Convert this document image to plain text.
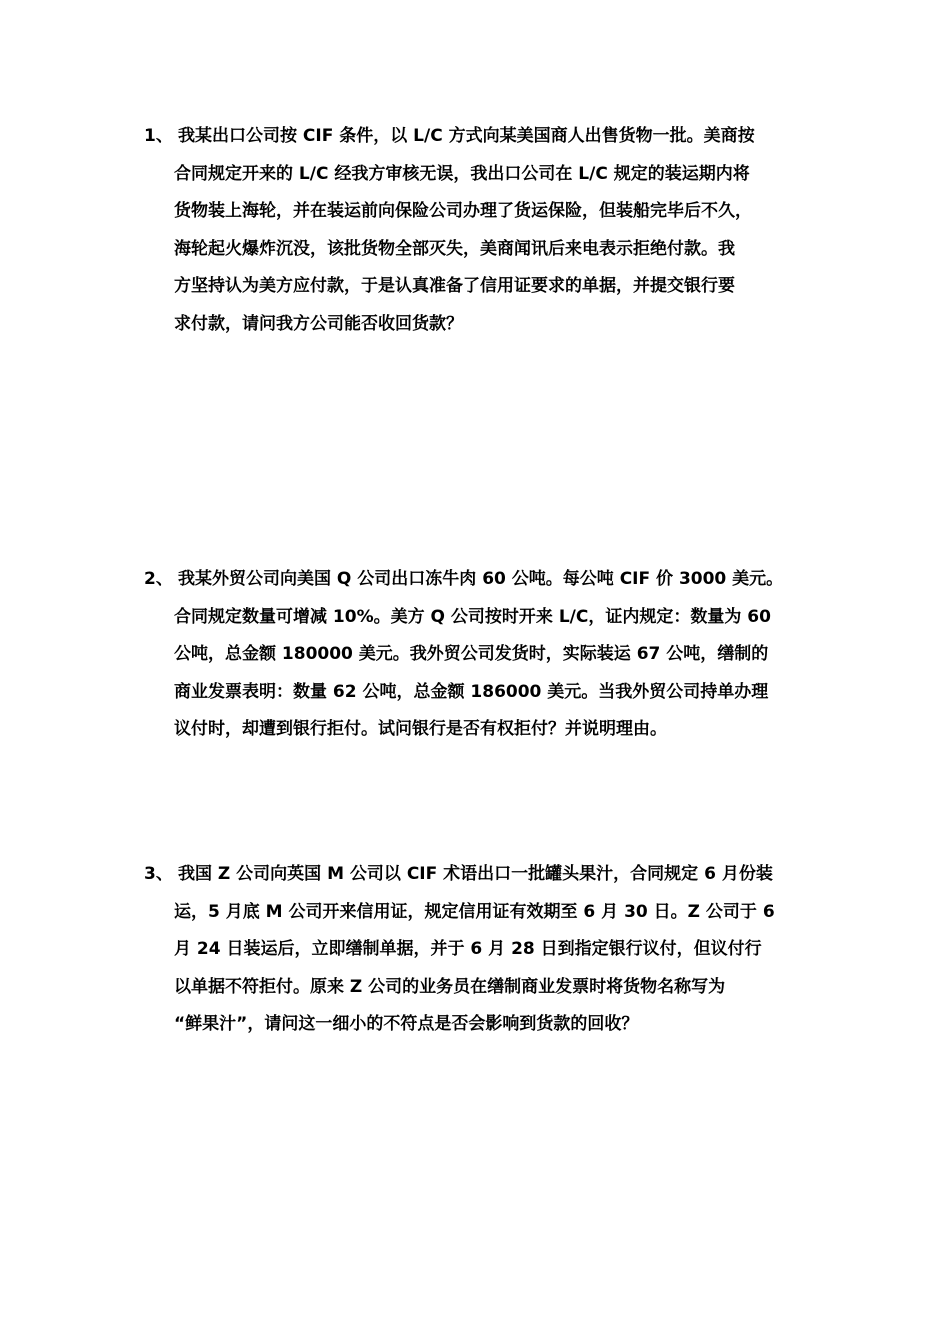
1、 我某出口公司按 CIF 条件，以 L/C 方式向某美国商人出售货物一批。美商按
合同规定开来的 L/C 经我方审核无误，我出口公司在 L/C 规定的装运期内将
货物装上海轮，并在装运前向保险公司办理了货运保险，但装船完毕后不久，
海轮起火爆炸沉没，该批货物全部灭失，美商闻讯后来电表示拒绝付款。我
方坚持认为美方应付款，于是认真准备了信用证要求的单据，并提交银行要
求付款，请问我方公司能否收回货款？
2、 我某外贸公司向美国 Q 公司出口冻牛肉 60 公吨。每公吨 CIF 价 3000 美元。
合同规定数量可增减 10%。美方 Q 公司按时开来 L/C，证内规定：数量为 60
公吨，总金额 180000 美元。我外贸公司发货时，实际装运 67 公吨，缮制的
商业发票表明：数量 62 公吨，总金额 186000 美元。当我外贸公司持单办理
议付时，却遭到银行拒付。试问银行是否有权拒付？并说明理由。
3、 我国 Z 公司向英国 M 公司以 CIF 术语出口一批罐头果汁，合同规定 6 月份装
运，5 月底 M 公司开来信用证，规定信用证有效期至 6 月 30 日。Z 公司于 6
月 24 日装运后，立即缮制单据，并于 6 月 28 日到指定银行议付，但议付行
以单据不符拒付。原来 Z 公司的业务员在缮制商业发票时将货物名称写为
“鲜果汁”，请问这一细小的不符点是否会影响到货款的回收？
